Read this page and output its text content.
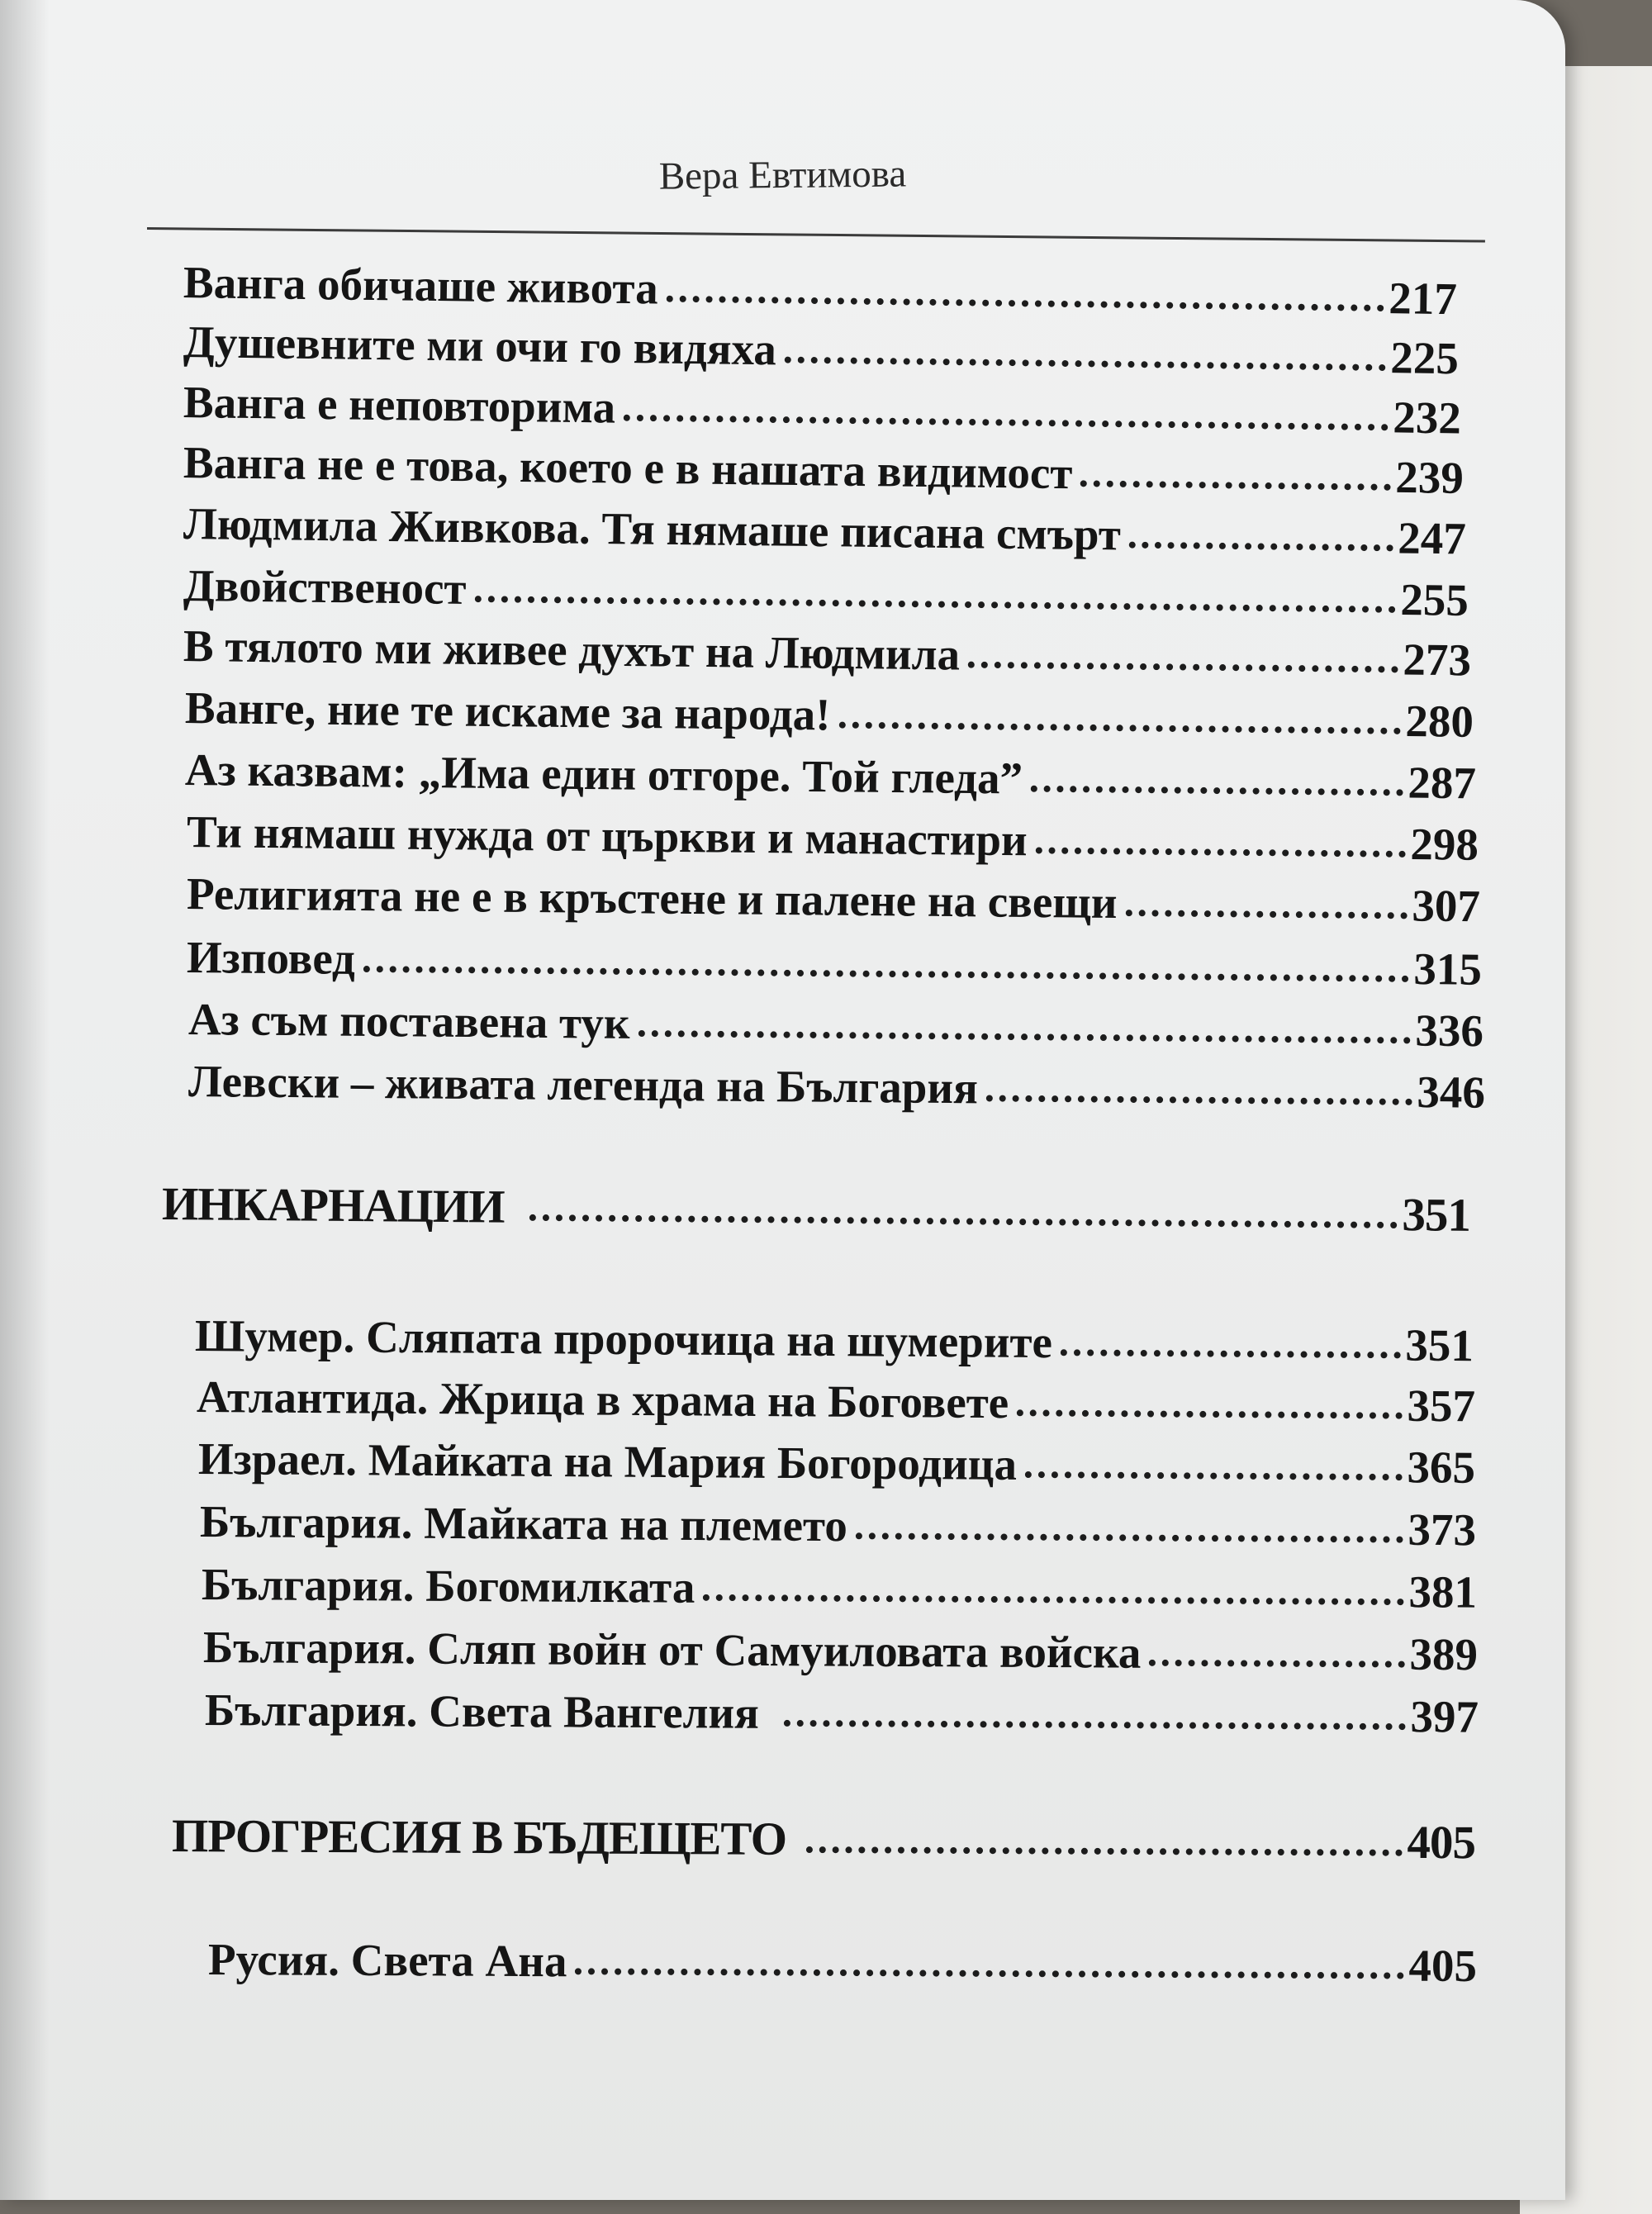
Вера Евтимова
Ванга обичаше живота	217
Душевните ми очи го видяха	225
Ванга е неповторима	232
Ванга не е това, което е в нашата видимост	239
Людмила Живкова. Тя нямаше писана смърт	247
Двойственост	255
В тялото ми живее духът на Людмила	273
Ванге, ние те искаме за народа!	280
Аз казвам: „Има един отгоре. Той гледа”	287
Ти нямаш нужда от църкви и манастири	298
Религията не е в кръстене и палене на свещи	307
Изповед	315
Аз съм поставена тук	336
Левски – живата легенда на България	346
ИНКАРНАЦИИ	351
Шумер. Сляпата пророчица на шумерите	351
Атлантида. Жрица в храма на Боговете	357
Израел. Майката на Мария Богородица	365
България. Майката на племето	373
България. Богомилката	381
България. Сляп войн от Самуиловата войска	389
България. Света Вангелия	397
ПРОГРЕСИЯ В БЪДЕЩЕТО	405
Русия. Света Ана	405
